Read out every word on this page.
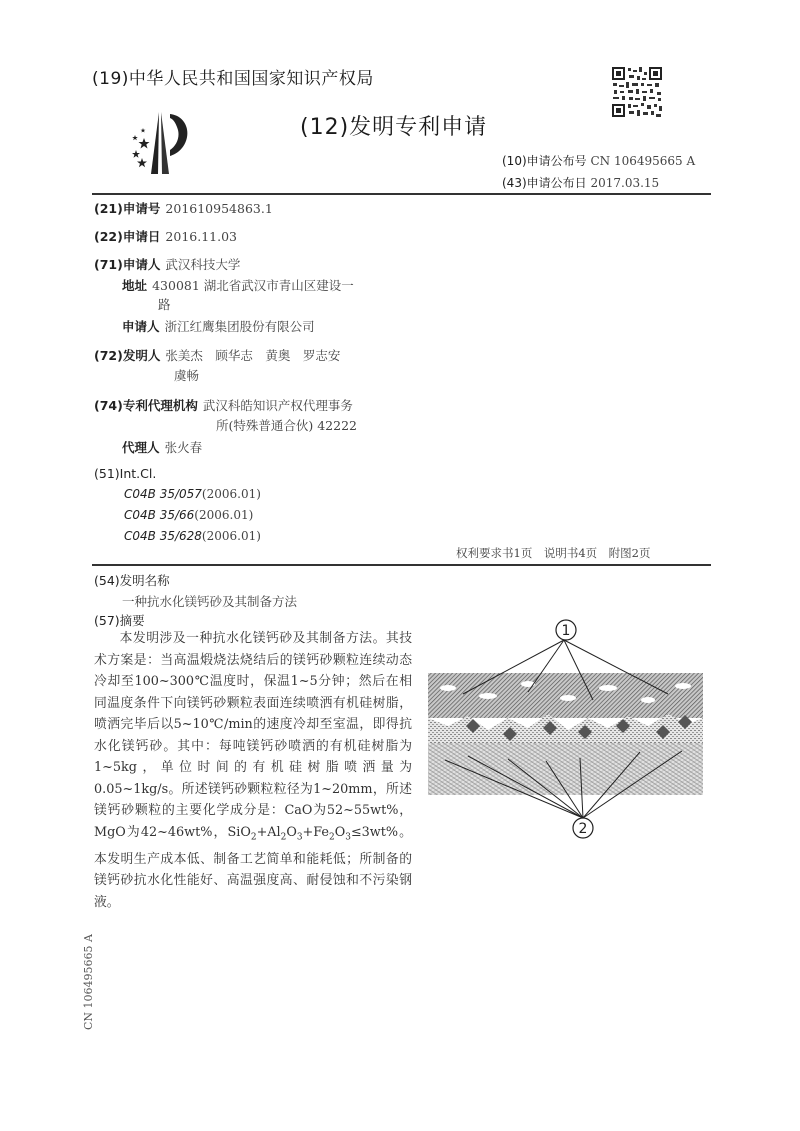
(19)中华人民共和国国家知识产权局
(12)发明专利申请
(10)申请公布号 CN 106495665 A
(43)申请公布日 2017.03.15
(21)申请号 201610954863.1
(22)申请日 2016.11.03
(71)申请人 武汉科技大学
地址 430081 湖北省武汉市青山区建设一
路
申请人 浙江红鹰集团股份有限公司
(72)发明人 张美杰　顾华志　黄奥　罗志安
虞畅
(74)专利代理机构 武汉科皓知识产权代理事务
所(特殊普通合伙) 42222
代理人 张火春
(51)Int.Cl.
C04B 35/057(2006.01)
C04B 35/66(2006.01)
C04B 35/628(2006.01)
权利要求书1页　说明书4页　附图2页
(54)发明名称
一种抗水化镁钙砂及其制备方法
(57)摘要

本发明涉及一种抗水化镁钙砂及其制备方法。其技术方案是：当高温煅烧法烧结后的镁钙砂颗粒连续动态冷却至100~300℃温度时，保温1~5分钟；然后在相同温度条件下向镁钙砂颗粒表面连续喷洒有机硅树脂，喷洒完毕后以5~10℃/min的速度冷却至室温，即得抗水化镁钙砂。其中：每吨镁钙砂喷洒的有机硅树脂为1~5kg，单位时间的有机硅树脂喷洒量为0.05~1kg/s。所述镁钙砂颗粒粒径为1~20mm，所述镁钙砂颗粒的主要化学成分是：CaO为52~55wt%，MgO为42~46wt%，$SiO_2+Al_2O_3+Fe_2O_3\le 3wt\%$。本发明生产成本低、制备工艺简单和能耗低；所制备的镁钙砂抗水化性能好、高温强度高、耐侵蚀和不污染钢液。

1
2
CN 106495665 A
